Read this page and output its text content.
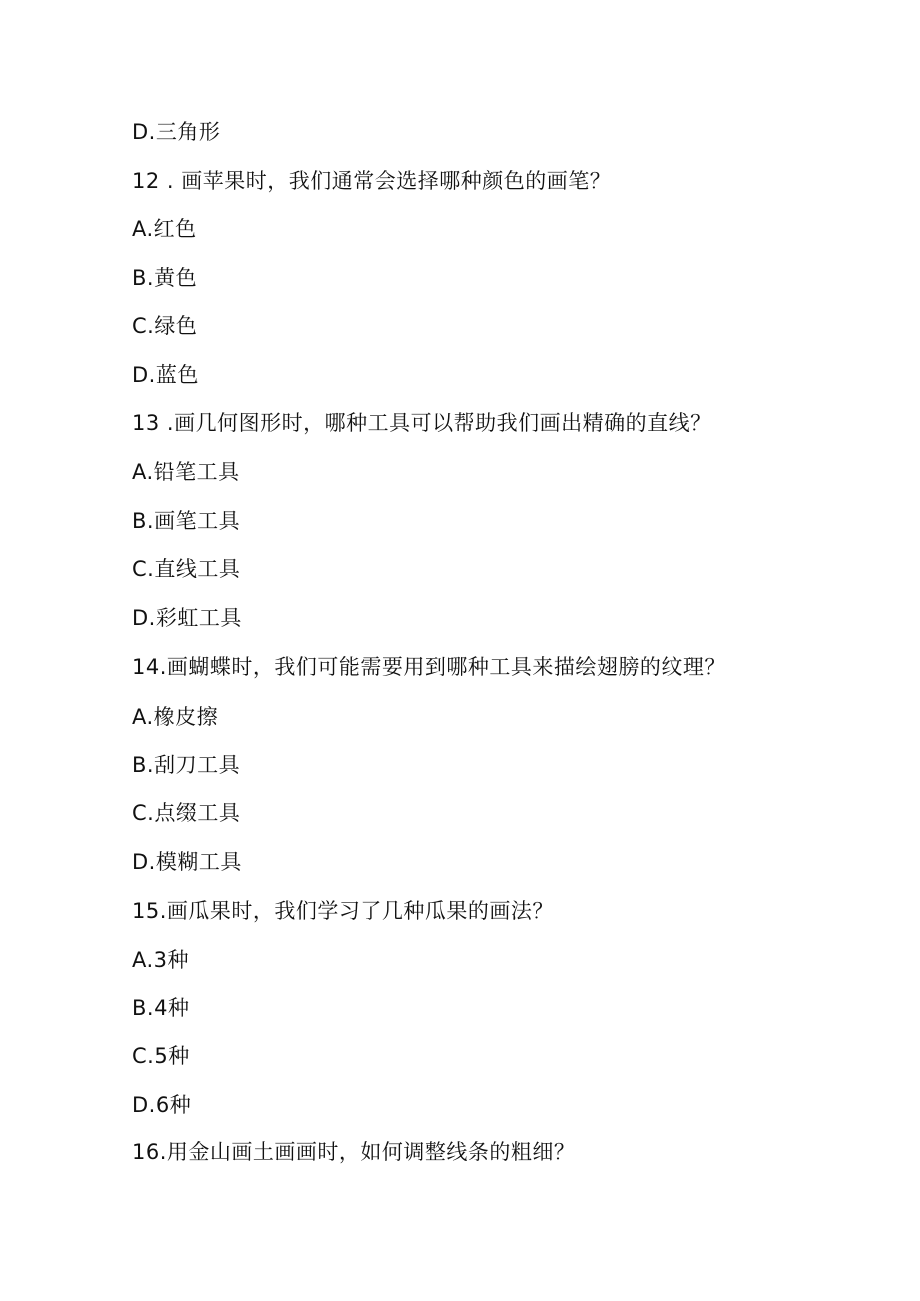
D.三角形
12 . 画苹果时，我们通常会选择哪种颜色的画笔？
A.红色
B.黄色
C.绿色
D.蓝色
13 .画几何图形时，哪种工具可以帮助我们画出精确的直线？
A.铅笔工具
B.画笔工具
C.直线工具
D.彩虹工具
14.画蝴蝶时，我们可能需要用到哪种工具来描绘翅膀的纹理？
A.橡皮擦
B.刮刀工具
C.点缀工具
D.模糊工具
15.画瓜果时，我们学习了几种瓜果的画法？
A.3种
B.4种
C.5种
D.6种
16.用金山画土画画时，如何调整线条的粗细？
